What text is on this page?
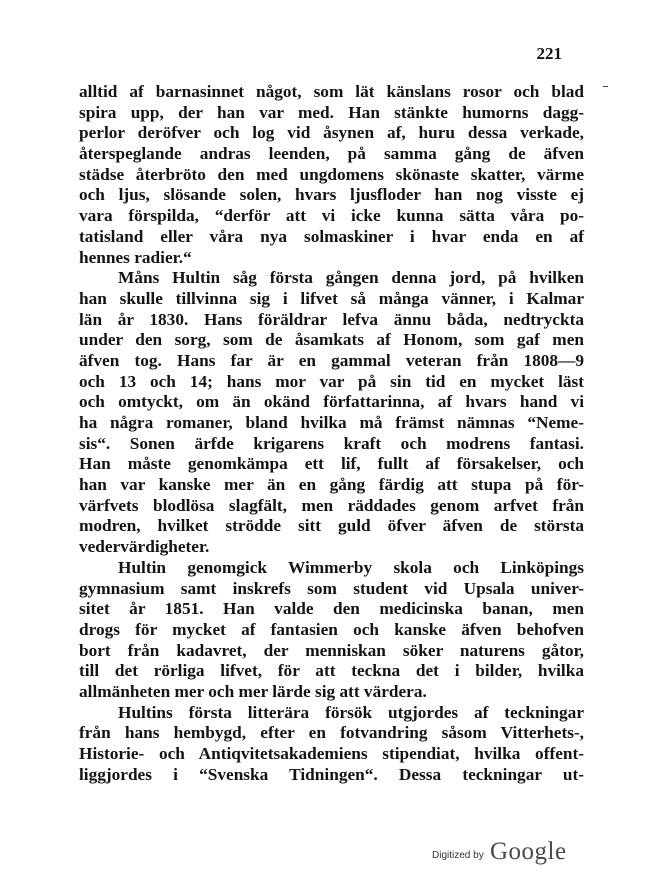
221
alltid af barnasinnet något, som lät känslans rosor och blad
spira upp, der han var med. Han stänkte humorns dagg-
perlor deröfver och log vid åsynen af, huru dessa verkade,
återspeglande andras leenden, på samma gång de äfven
städse återbröto den med ungdomens skönaste skatter, värme
och ljus, slösande solen, hvars ljusfloder han nog visste ej
vara förspilda, “derför att vi icke kunna sätta våra po-
tatisland eller våra nya solmaskiner i hvar enda en af
hennes radier.“
Måns Hultin såg första gången denna jord, på hvilken
han skulle tillvinna sig i lifvet så många vänner, i Kalmar
län år 1830. Hans föräldrar lefva ännu båda, nedtryckta
under den sorg, som de åsamkats af Honom, som gaf men
äfven tog. Hans far är en gammal veteran från 1808—9
och 13 och 14; hans mor var på sin tid en mycket läst
och omtyckt, om än okänd författarinna, af hvars hand vi
ha några romaner, bland hvilka må främst nämnas “Neme-
sis“. Sonen ärfde krigarens kraft och modrens fantasi.
Han måste genomkämpa ett lif, fullt af försakelser, och
han var kanske mer än en gång färdig att stupa på för-
värfvets blodlösa slagfält, men räddades genom arfvet från
modren, hvilket strödde sitt guld öfver äfven de största
vedervärdigheter.
Hultin genomgick Wimmerby skola och Linköpings
gymnasium samt inskrefs som student vid Upsala univer-
sitet år 1851. Han valde den medicinska banan, men
drogs för mycket af fantasien och kanske äfven behofven
bort från kadavret, der menniskan söker naturens gåtor,
till det rörliga lifvet, för att teckna det i bilder, hvilka
allmänheten mer och mer lärde sig att värdera.
Hultins första litterära försök utgjordes af teckningar
från hans hembygd, efter en fotvandring såsom Vitterhets-,
Historie- och Antiqvitetsakademiens stipendiat, hvilka offent-
liggjordes i “Svenska Tidningen“. Dessa teckningar ut-
Digitized by Google
